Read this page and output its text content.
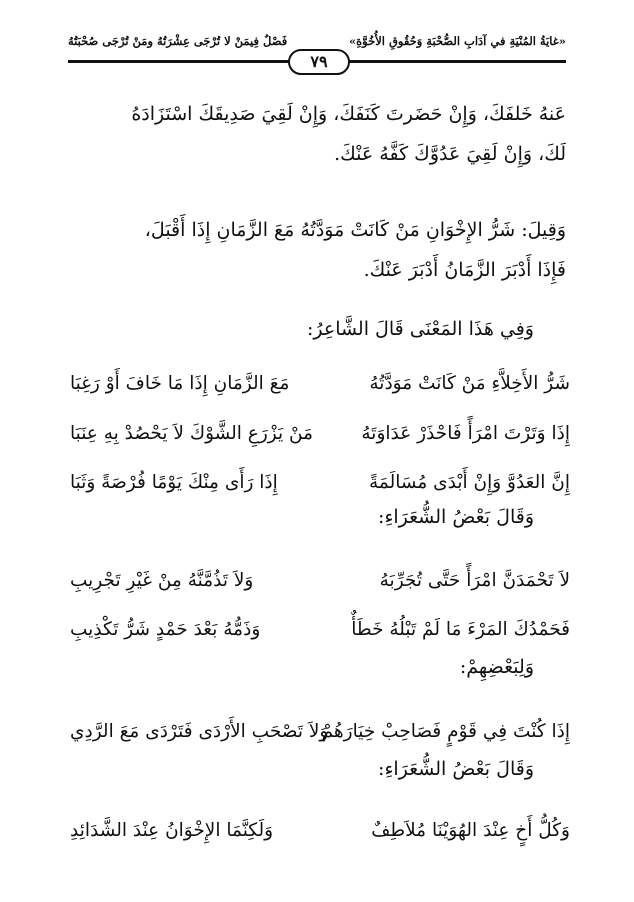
«غايَةُ المُنْيَةِ في آدَابِ الصُّحْبَةِ وَحُقُوقِ الأُخُوَّةِ»
فَصْلٌ فِيمَنْ لا تُرْجَى عِشْرَتُهُ ومَنْ تُرْجَى صُحْبَتُهُ
٧٩
عَنهُ خَلفَكَ، وَإِنْ حَضَرتَ كَنَفَكَ، وَإِنْ لَقِيَ صَدِيقَكَ اسْتَزَادَهُ
لَكَ، وَإِنْ لَقِيَ عَدُوَّكَ كَفَّهُ عَنْكَ.
وَقِيلَ: شَرُّ الإِخْوَانِ مَنْ كَانَتْ مَوَدَّتُهُ مَعَ الزَّمَانِ إِذَا أَقْبَلَ،
فَإِذَا أَدْبَرَ الزَّمَانُ أَدْبَرَ عَنْكَ.
وَفِي هَذَا المَعْنَى قَالَ الشَّاعِرُ:
شَرُّ الأَخِلاَّءِ مَنْ كَانَتْ مَوَدَّتُهُ
مَعَ الزَّمَانِ إِذَا مَا خَافَ أَوْ رَغِبَا
إِذَا وَتَرْتَ امْرَأً فَاحْذَرْ عَدَاوَتَهُ
مَنْ يَزْرَعِ الشَّوْكَ لاَ يَحْصُدْ بِهِ عِنَبَا
إِنَّ العَدُوَّ وَإِنْ أَبْدَى مُسَالَمَةً
إِذَا رَأَى مِنْكَ يَوْمًا فُرْصَةً وَثَبَا
وَقَالَ بَعْضُ الشُّعَرَاءِ:
لاَ تَحْمَدَنَّ امْرَأً حَتَّى تُجَرِّبَهُ
وَلاَ تَذُمَّنَّهُ مِنْ غَيْرِ تَجْرِيبِ
فَحَمْدُكَ المَرْءَ مَا لَمْ تَبْلُهُ خَطَأٌ
وَذَمُّهُ بَعْدَ حَمْدٍ شَرُّ تَكْذِيبِ
وَلِبَعْضِهِمْ:
إِذَا كُنْتَ فِي قَوْمٍ فَصَاحِبْ خِيَارَهُمْ
وَلاَ تَصْحَبِ الأَرْدَى فَتَرْدَى مَعَ الرَّدِي
وَقَالَ بَعْضُ الشُّعَرَاءِ:
وَكُلُّ أَخٍ عِنْدَ الهُوَيْنَا مُلاَطِفٌ
وَلَكِنَّمَا الإِخْوَانُ عِنْدَ الشَّدَائِدِ
